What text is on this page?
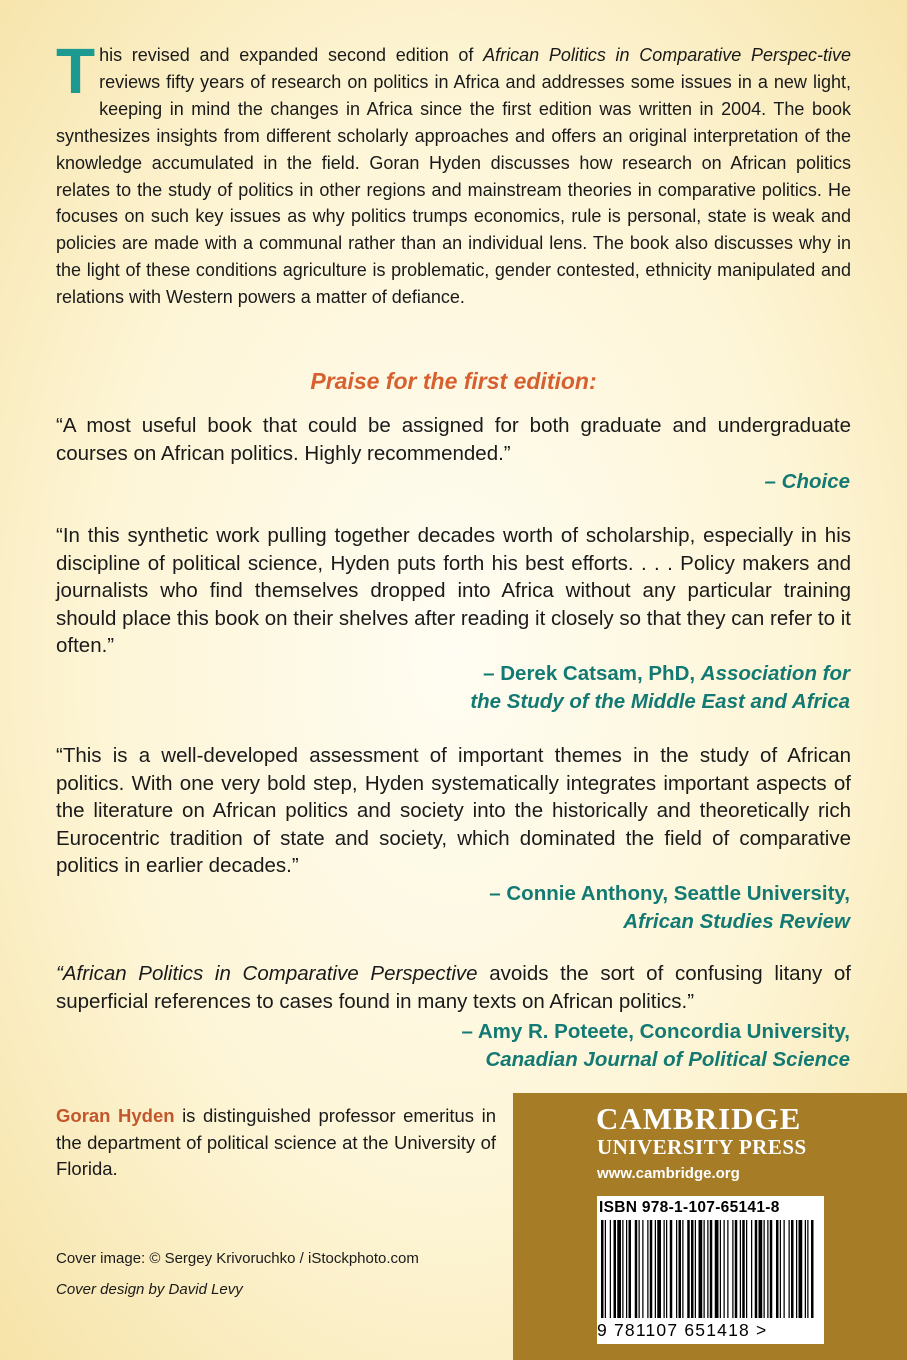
This revised and expanded second edition of African Politics in Comparative Perspec-tive reviews fifty years of research on politics in Africa and addresses some issues in a new light, keeping in mind the changes in Africa since the first edition was written in 2004. The book synthesizes insights from different scholarly approaches and offers an original interpretation of the knowledge accumulated in the field. Goran Hyden discusses how research on African politics relates to the study of politics in other regions and mainstream theories in comparative politics. He focuses on such key issues as why politics trumps economics, rule is personal, state is weak and policies are made with a communal rather than an individual lens. The book also discusses why in the light of these conditions agriculture is problematic, gender contested, ethnicity manipulated and relations with Western powers a matter of defiance.

Praise for the first edition:

“A most useful book that could be assigned for both graduate and undergraduate courses on African politics. Highly recommended.”

– Choice

“In this synthetic work pulling together decades worth of scholarship, especially in his discipline of political science, Hyden puts forth his best efforts. . . . Policy makers and journalists who find themselves dropped into Africa without any particular training should place this book on their shelves after reading it closely so that they can refer to it often.”

– Derek Catsam, PhD, Association for
the Study of the Middle East and Africa

“This is a well-developed assessment of important themes in the study of African politics. With one very bold step, Hyden systematically integrates important aspects of the literature on African politics and society into the historically and theoretically rich Eurocentric tradition of state and society, which dominated the field of comparative politics in earlier decades.”

– Connie Anthony, Seattle University,
African Studies Review

“African Politics in Comparative Perspective avoids the sort of confusing litany of superficial references to cases found in many texts on African politics.”

– Amy R. Poteete, Concordia University,
Canadian Journal of Political Science

Goran Hyden is distinguished professor emeritus in the department of political science at the University of Florida.

Cover image: © Sergey Krivoruchko / iStockphoto.com

Cover design by David Levy

CAMBRIDGE
UNIVERSITY PRESS
www.cambridge.org
ISBN 978-1-107-65141-8
9 781107 651418 >
